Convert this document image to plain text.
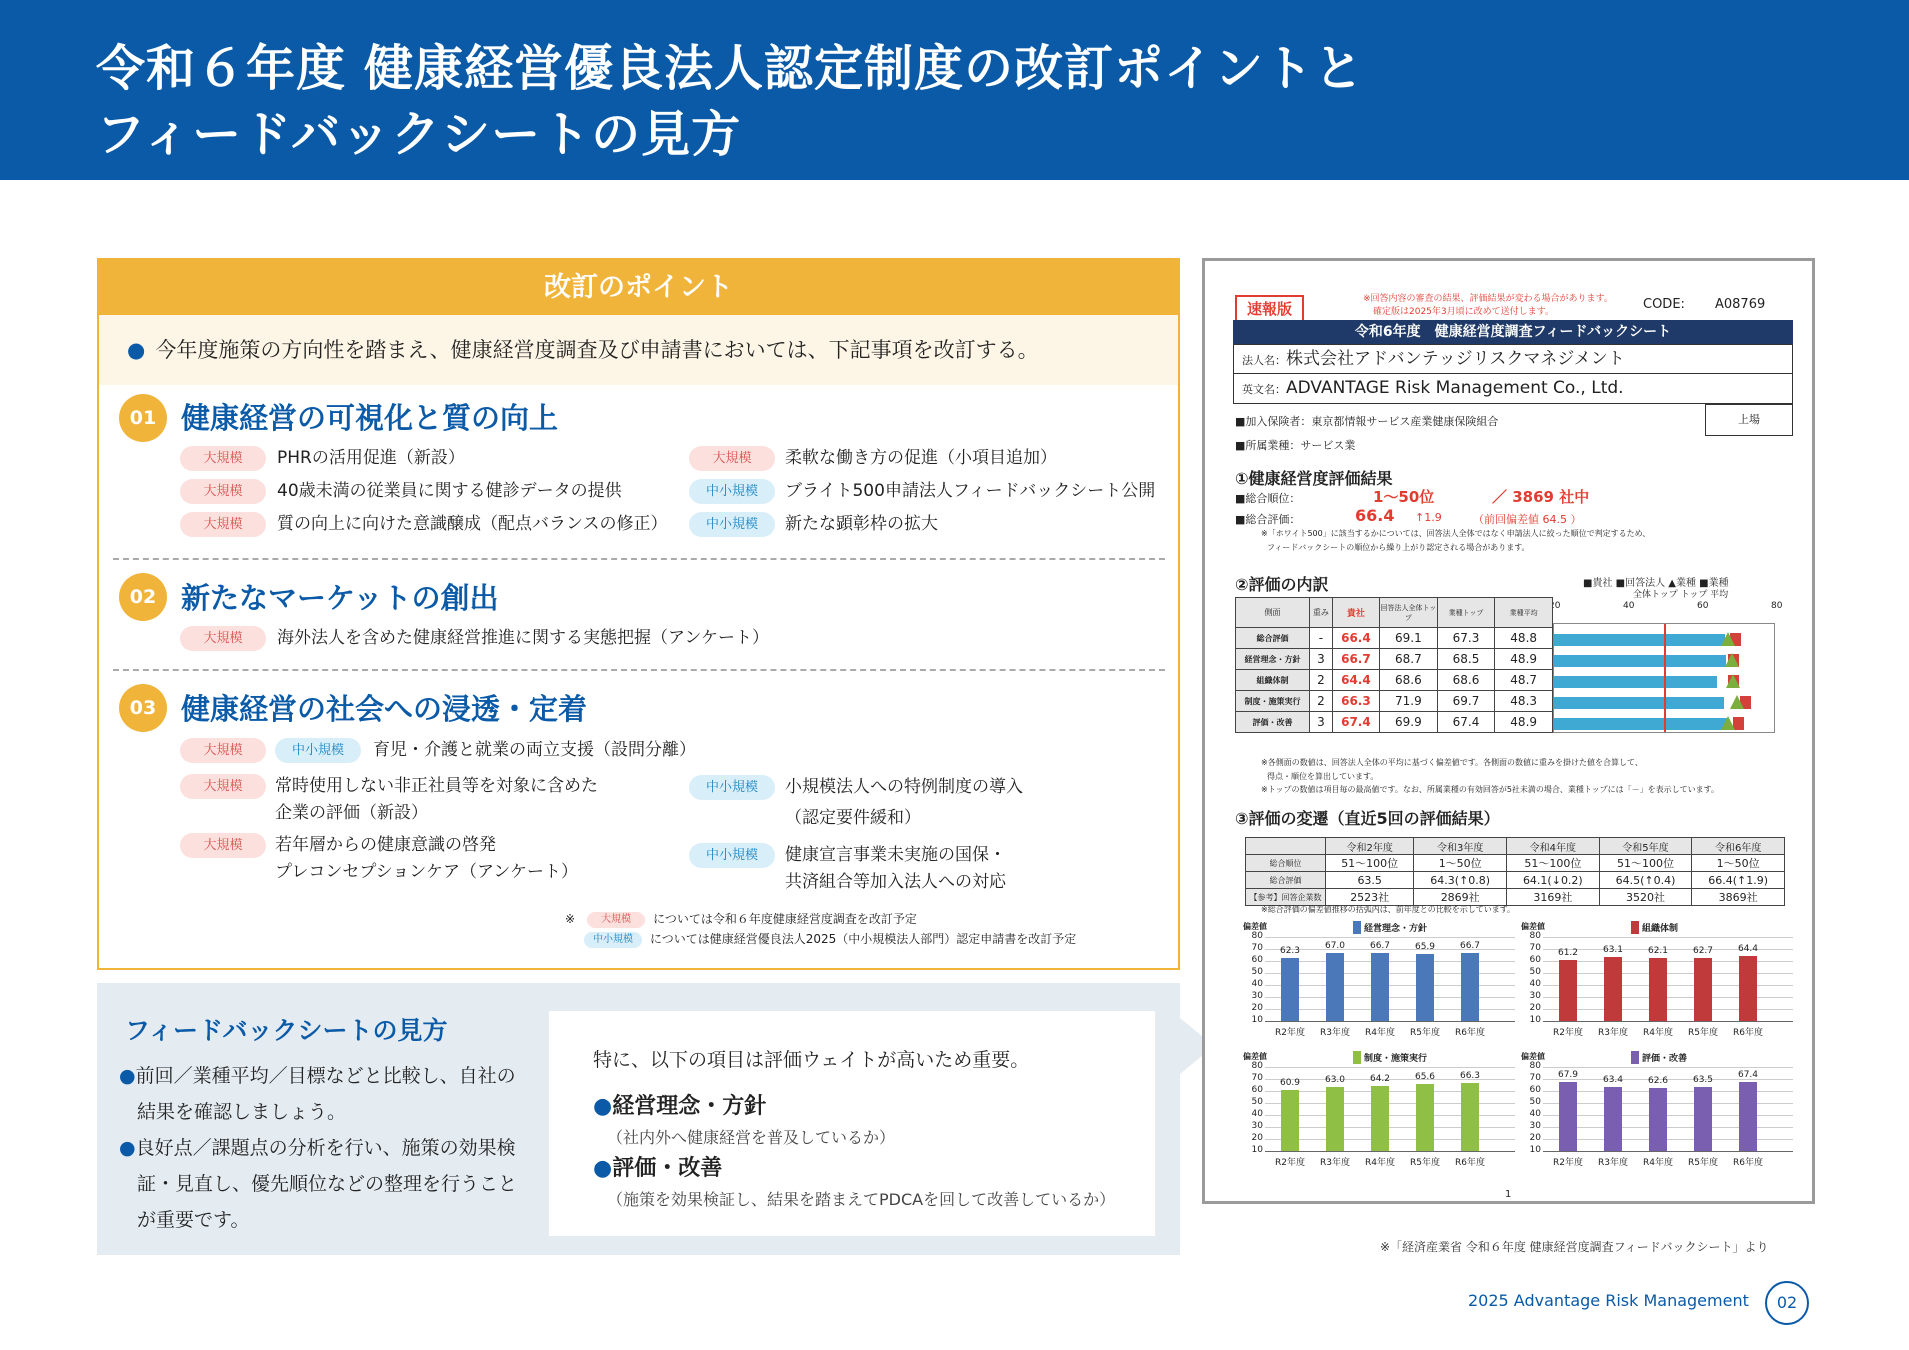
令和６年度 健康経営優良法人認定制度の改訂ポイントと
フィードバックシートの見方
改訂のポイント
● 今年度施策の方向性を踏まえ、健康経営度調査及び申請書においては、下記事項を改訂する。
01 健康経営の可視化と質の向上
大規模	PHRの活用促進（新設）
大規模	40歳未満の従業員に関する健診データの提供
大規模	質の向上に向けた意識醸成（配点バランスの修正）
大規模	柔軟な働き方の促進（小項目追加）
中小規模	ブライト500申請法人フィードバックシート公開
中小規模	新たな顕彰枠の拡大
02 新たなマーケットの創出
大規模	海外法人を含めた健康経営推進に関する実態把握（アンケート）
03 健康経営の社会への浸透・定着
大規模	中小規模	育児・介護と就業の両立支援（設問分離）
大規模	常時使用しない非正社員等を対象に含めた
企業の評価（新設）
大規模	若年層からの健康意識の啓発
プレコンセプションケア（アンケート）
中小規模	小規模法人への特例制度の導入
（認定要件緩和）
中小規模	健康宣言事業未実施の国保・
共済組合等加入法人への対応
※	大規模 については令和６年度健康経営度調査を改訂予定
中小規模 については健康経営優良法人2025（中小規模法人部門）認定申請書を改訂予定
フィードバックシートの見方
●前回／業種平均／目標などと比較し、自社の結果を確認しましょう。
●良好点／課題点の分析を行い、施策の効果検証・見直し、優先順位などの整理を行うことが重要です。
特に、以下の項目は評価ウェイトが高いため重要。
●経営理念・方針
（社内外へ健康経営を普及しているか）
●評価・改善
（施策を効果検証し、結果を踏まえてPDCAを回して改善しているか）
速報版
※回答内容の審査の結果、評価結果が変わる場合があります。
確定版は2025年3月頃に改めて送付します。	CODE: A08769
令和6年度　健康経営度調査フィードバックシート
法人名：株式会社アドバンテッジリスクマネジメント
英文名：ADVANTAGE Risk Management Co., Ltd.
■加入保険者：東京都情報サービス産業健康保険組合	上場
■所属業種：サービス業
①健康経営度評価結果
■総合順位：	1〜50位	／ 3869 社中
■総合評価：	66.4 ↑1.9	（前回偏差値 64.5 ）
※「ホワイト500」に該当するかについては、回答法人全体ではなく申請法人に絞った順位で判定するため、
フィードバックシートの順位から繰り上がり認定される場合があります。
②評価の内訳	■貴社 ■回答法人 ▲業種 ■業種
全体トップ トップ 平均
20	40	60	80
側面	重み	貴社	回答法人全体トップ	業種トップ	業種平均
総合評価	-	66.4	69.1	67.3	48.8
経営理念・方針	3	66.7	68.7	68.5	48.9
組織体制	2	64.4	68.6	68.6	48.7
制度・施策実行	2	66.3	71.9	69.7	48.3
評価・改善	3	67.4	69.9	67.4	48.9
※各側面の数値は、回答法人全体の平均に基づく偏差値です。各側面の数値に重みを掛けた値を合算して、
得点・順位を算出しています。
※トップの数値は項目毎の最高値です。なお、所属業種の有効回答が5社未満の場合、業種トップには「－」を表示しています。
③評価の変遷（直近5回の評価結果）
	令和2年度	令和3年度	令和4年度	令和5年度	令和6年度
総合順位	51〜100位	1〜50位	51〜100位	51〜100位	1〜50位
総合評価	63.5	64.3(↑0.8)	64.1(↓0.2)	64.5(↑0.4)	66.4(↑1.9)
【参考】回答企業数	2523社	2869社	3169社	3520社	3869社
※総合評価の偏差値推移の括弧内は、前年度との比較を示しています。
偏差値	経営理念・方針
80
70
60
50
40
30
20
10
62.3
R2年度
67.0
R3年度
66.7
R4年度
65.9
R5年度
66.7
R6年度
偏差値	組織体制
80
70
60
50
40
30
20
10
61.2
R2年度
63.1
R3年度
62.1
R4年度
62.7
R5年度
64.4
R6年度
偏差値	制度・施策実行
80
70
60
50
40
30
20
10
60.9
R2年度
63.0
R3年度
64.2
R4年度
65.6
R5年度
66.3
R6年度
偏差値	評価・改善
80
70
60
50
40
30
20
10
67.9
R2年度
63.4
R3年度
62.6
R4年度
63.5
R5年度
67.4
R6年度
1
※「経済産業省 令和６年度 健康経営度調査フィードバックシート」より
2025 Advantage Risk Management	02
